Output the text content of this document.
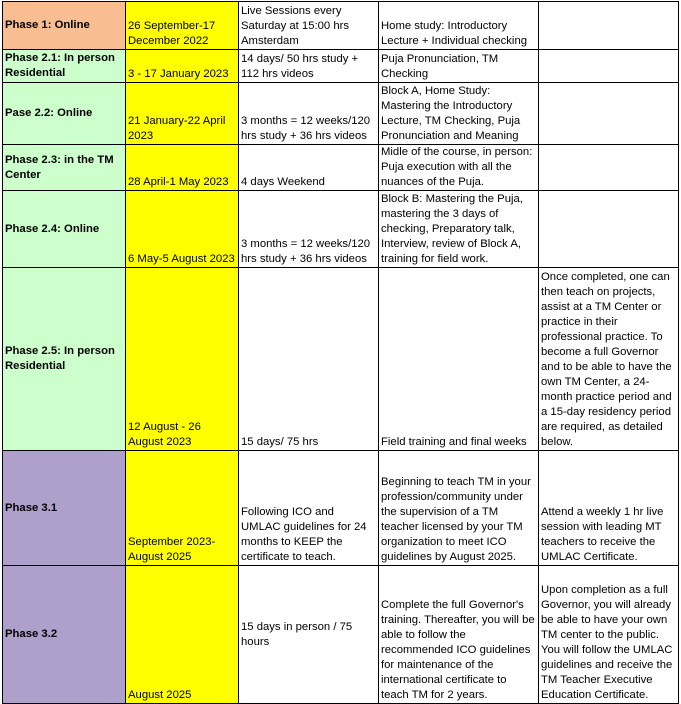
Phase 1: Online	26 September-17 December 2022	Live Sessions every Saturday at 15:00 hrs Amsterdam	Home study: Introductory Lecture + Individual checking	
Phase 2.1: In person Residential	3 - 17 January 2023	14 days/ 50 hrs study + 112 hrs videos	Puja Pronunciation, TM Checking	
Pase 2.2: Online	21 January-22 April 2023	3 months = 12 weeks/120 hrs study + 36 hrs videos	Block A, Home Study: Mastering the Introductory Lecture, TM Checking, Puja Pronunciation and Meaning	
Phase 2.3: in the TM Center	28 April-1 May 2023	4 days Weekend	Midle of the course, in person: Puja execution with all the nuances of the Puja.	
Phase 2.4: Online	6 May-5 August 2023	3 months = 12 weeks/120 hrs study + 36 hrs videos	Block B: Mastering the Puja, mastering the 3 days of checking, Preparatory talk, Interview, review of Block A, training for field work.	
Phase 2.5: In person Residential	12 August - 26 August 2023	15 days/ 75 hrs	Field training and final weeks	Once completed, one can then teach on projects, assist at a TM Center or practice in their professional practice. To become a full Governor and to be able to have the own TM Center, a 24-month practice period and a 15-day residency period are required, as detailed below.
Phase 3.1	September 2023-August 2025	Following ICO and UMLAC guidelines for 24 months to KEEP the certificate to teach.	Beginning to teach TM in your profession/community under the supervision of a TM teacher licensed by your TM organization to meet ICO guidelines by August 2025.	Attend a weekly 1 hr live session with leading MT teachers to receive the UMLAC Certificate.
Phase 3.2	August 2025	15 days in person / 75 hours	Complete the full Governor's training. Thereafter, you will be able to follow the recommended ICO guidelines for maintenance of the international certificate to teach TM for 2 years.	Upon completion as a full Governor, you will already be able to have your own TM center to the public. You will follow the UMLAC guidelines and receive the TM Teacher Executive Education Certificate.
